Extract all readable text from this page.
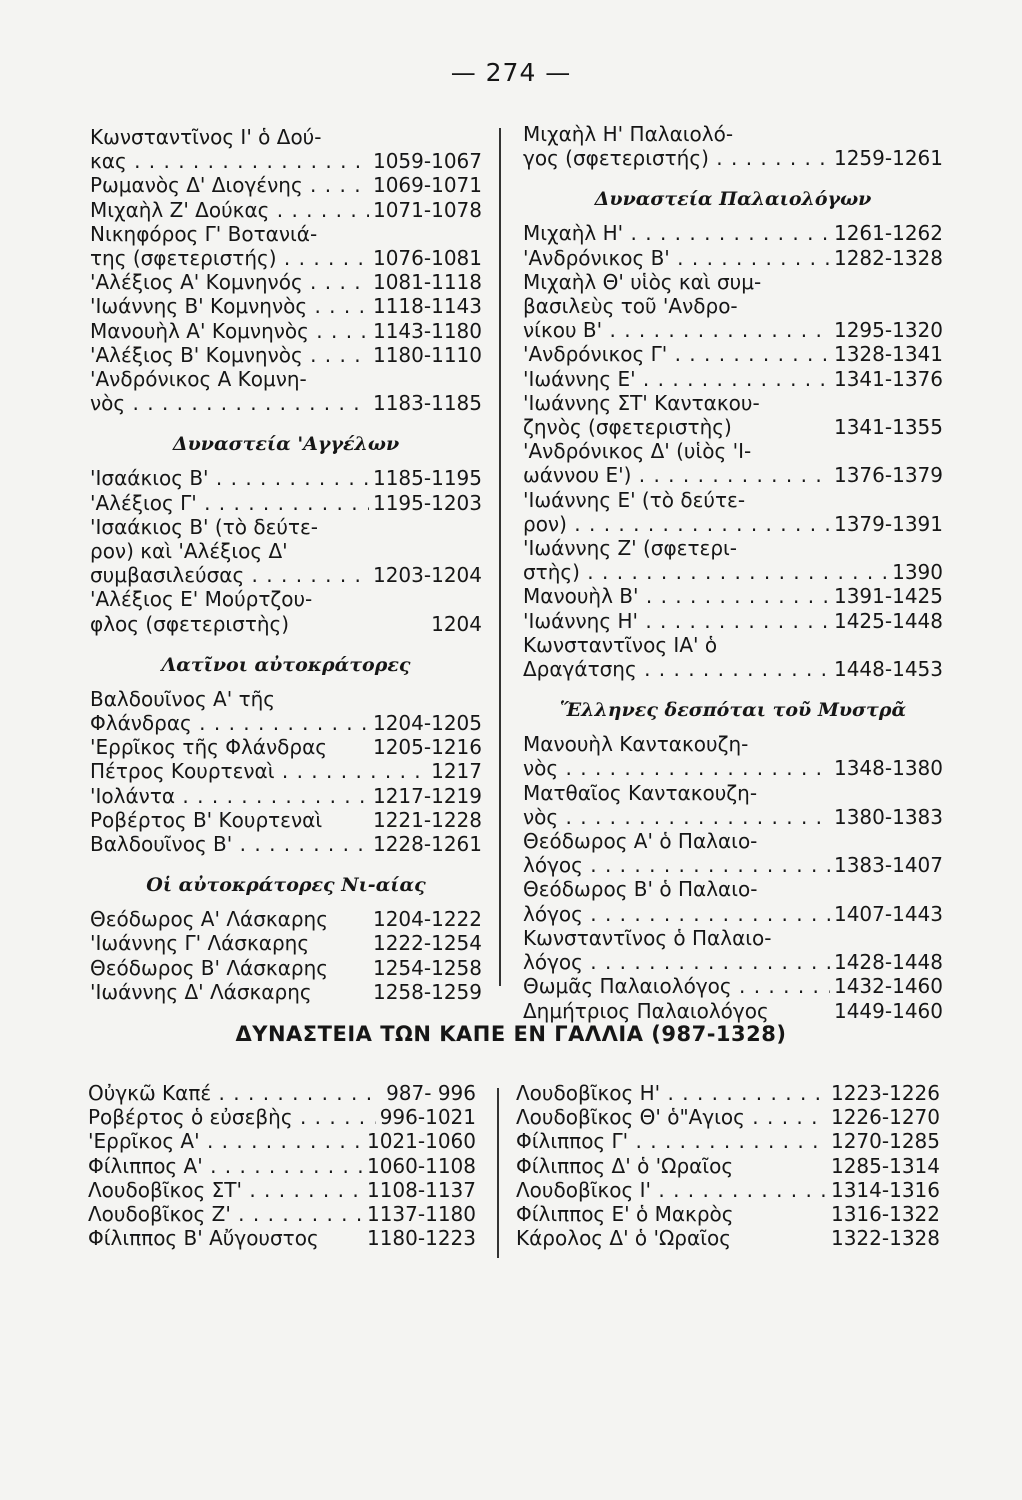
— 274 —
Κωνσταντῖνος Ι' ὁ Δού-
κας . . .	1059-1067
Ρωμανὸς Δ' Διογένης . . .	1069-1071
Μιχαὴλ Ζ' Δούκας . . .	1071-1078
Νικηφόρος Γ' Βοτανιά-
της (σφετεριστής) . . .	1076-1081
'Αλέξιος Α' Κομνηνός . . .	1081-1118
'Ιωάννης Β' Κομνηνὸς . . .	1118-1143
Μανουὴλ Α' Κομνηνὸς . . .	1143-1180
'Αλέξιος Β' Κομνηνὸς . . .	1180-1110
'Ανδρόνικος Α Κομνη-
νὸς . . .	1183-1185
Δυναστεία 'Αγγέλων
'Ισαάκιος Β' . . .	1185-1195
'Αλέξιος Γ' . . .	1195-1203
'Ισαάκιος Β' (τὸ δεύτε-
ρον) καὶ 'Αλέξιος Δ'
συμβασιλεύσας . . .	1203-1204
'Αλέξιος Ε' Μούρτζου-
φλος (σφετεριστὴς)	1204
Λατῖνοι αὐτοκράτορες
Βαλδουῖνος Α' τῆς
Φλάνδρας . . .	1204-1205
'Ερρῖκος τῆς Φλάνδρας 1205-1216
Πέτρος Κουρτεναὶ . . .	1217
'Ιολάντα . . .	1217-1219
Ροβέρτος Β' Κουρτεναὶ	1221-1228
Βαλδουῖνος Β' . . .	1228-1261
Οἱ αὐτοκράτορες Νι-αίας
Θεόδωρος Α' Λάσκαρης 1204-1222
'Ιωάννης Γ' Λάσκαρης	1222-1254
Θεόδωρος Β' Λάσκαρης 1254-1258
'Ιωάννης Δ' Λάσκαρης	1258-1259
Μιχαὴλ Η' Παλαιολό-
γος (σφετεριστής) . . .	1259-1261
Δυναστεία Παλαιολόγων
Μιχαὴλ Η' . . .	1261-1262
'Ανδρόνικος Β' . . .	1282-1328
Μιχαὴλ Θ' υἱὸς καὶ συμ-
βασιλεὺς τοῦ 'Ανδρο-
νίκου Β' . . .	1295-1320
'Ανδρόνικος Γ' . . .	1328-1341
'Ιωάννης Ε' . . .	1341-1376
'Ιωάννης ΣΤ' Καντακου-
ζηνὸς (σφετεριστὴς)	1341-1355
'Ανδρόνικος Δ' (υἱὸς 'Ι-
ωάννου Ε') . . .	1376-1379
'Ιωάννης Ε' (τὸ δεύτε-
ρον) . . .	1379-1391
'Ιωάννης Ζ' (σφετερι-
στὴς) . . .	1390
Μανουὴλ Β' . . .	1391-1425
'Ιωάννης Η' . . .	1425-1448
Κωνσταντῖνος ΙΑ' ὁ
Δραγάτσης . . .	1448-1453
Ἕλληνες δεσπόται τοῦ Μυστρᾶ
Μανουὴλ Καντακουζη-
νὸς . . .	1348-1380
Ματθαῖος Καντακουζη-
νὸς . . .	1380-1383
Θεόδωρος Α' ὁ Παλαιο-
λόγος . . .	1383-1407
Θεόδωρος Β' ὁ Παλαιο-
λόγος . . .	1407-1443
Κωνσταντῖνος ὁ Παλαιο-
λόγος . . .	1428-1448
Θωμᾶς Παλαιολόγος . . .	1432-1460
Δημήτριος Παλαιολόγος	1449-1460
ΔΥΝΑΣΤΕΙΑ ΤΩΝ ΚΑΠΕ ΕΝ ΓΑΛΛΙΑ (987-1328)
Οὐγκῶ Καπέ . . .	987- 996
Ροβέρτος ὁ εὐσεβὴς . . .	996-1021
'Ερρῖκος Α' . . .	1021-1060
Φίλιππος Α' . . .	1060-1108
Λουδοβῖκος ΣΤ' . . .	1108-1137
Λουδοβῖκος Ζ' . . .	1137-1180
Φίλιππος Β' Αὔγουστος 1180-1223
Λουδοβῖκος Η' . . .	1223-1226
Λουδοβῖκος Θ' ὁ"Αγιος . . .	1226-1270
Φίλιππος Γ' . . .	1270-1285
Φίλιππος Δ' ὁ 'Ωραῖος	1285-1314
Λουδοβῖκος Ι' . . .	1314-1316
Φίλιππος Ε' ὁ Μακρὸς	1316-1322
Κάρολος Δ' ὁ 'Ωραῖος	1322-1328
